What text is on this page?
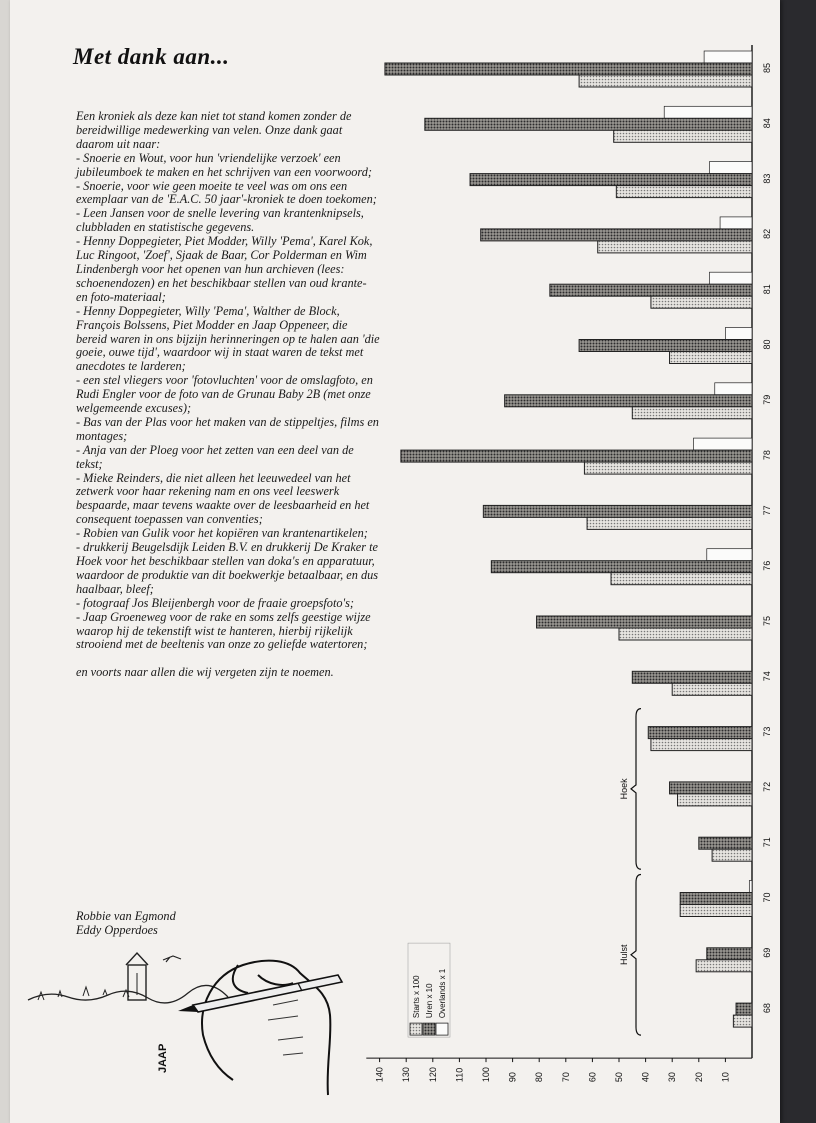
Met dank aan...

Een kroniek als deze kan niet tot stand komen zonder de bereidwillige medewerking van velen. Onze dank gaat daarom uit naar:

- Snoerie en Wout, voor hun 'vriendelijke verzoek' een jubileumboek te maken en het schrijven van een voorwoord;

- Snoerie, voor wie geen moeite te veel was om ons een exemplaar van de 'E.A.C. 50 jaar'-kroniek te doen toekomen;

- Leen Jansen voor de snelle levering van krantenknipsels, clubbladen en statistische gegevens.

- Henny Doppegieter, Piet Modder, Willy 'Pema', Karel Kok, Luc Ringoot, 'Zoef', Sjaak de Baar, Cor Polderman en Wim Lindenbergh voor het openen van hun archieven (lees: schoenendozen) en het beschikbaar stellen van oud krante- en foto-materiaal;

- Henny Doppegieter, Willy 'Pema', Walther de Block, François Bolssens, Piet Modder en Jaap Oppeneer, die bereid waren in ons bijzijn herinneringen op te halen aan 'die goeie, ouwe tijd', waardoor wij in staat waren de tekst met anecdotes te larderen;

- een stel vliegers voor 'fotovluchten' voor de omslagfoto, en Rudi Engler voor de foto van de Grunau Baby 2B (met onze welgemeende excuses);

- Bas van der Plas voor het maken van de stippeltjes, films en montages;

- Anja van der Ploeg voor het zetten van een deel van de tekst;

- Mieke Reinders, die niet alleen het leeuwedeel van het zetwerk voor haar rekening nam en ons veel leeswerk bespaarde, maar tevens waakte over de leesbaarheid en het consequent toepassen van conventies;

- Robien van Gulik voor het kopiëren van krantenartikelen;

- drukkerij Beugelsdijk Leiden B.V. en drukkerij De Kraker te Hoek voor het beschikbaar stellen van doka's en apparatuur, waardoor de produktie van dit boekwerkje betaalbaar, en dus haalbaar, bleef;

- fotograaf Jos Bleijenbergh voor de fraaie groepsfoto's;

- Jaap Groeneweg voor de rake en soms zelfs geestige wijze waarop hij de tekenstift wist te hanteren, hierbij rijkelijk strooiend met de beeltenis van onze zo geliefde watertoren;

en voorts naar allen die wij vergeten zijn te noemen.

Robbie van Egmond
Eddy Opperdoes
JAAP
10
20
30
40
50
60
70
80
90
100
110
120
130
140
68
69
70
71
72
73
74
75
76
77
78
79
80
81
82
83
84
85
Hulst
Hoek
Starts x 100 Uren x 10 Overlands x 1
